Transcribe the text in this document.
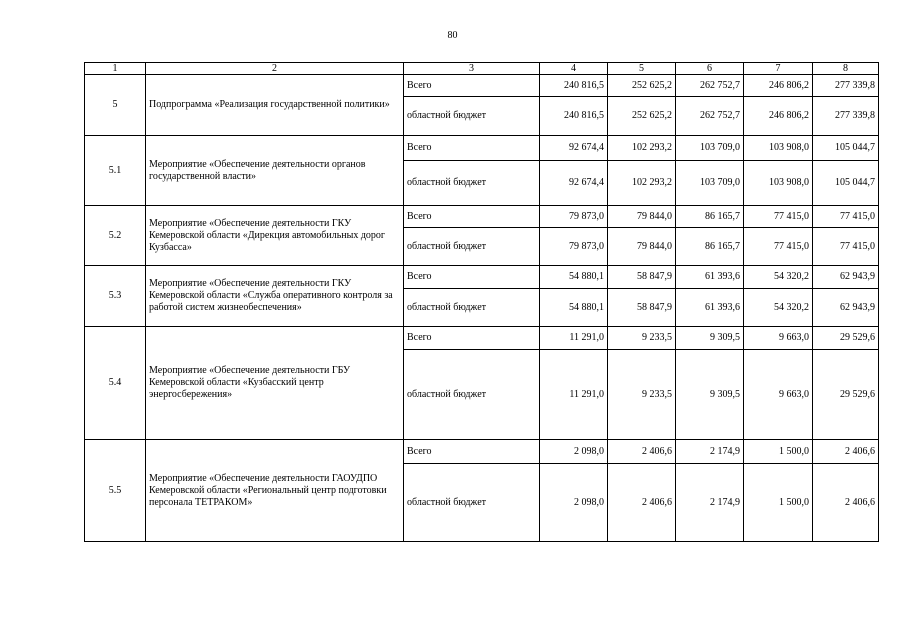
80
1	2	3	4	5	6	7	8
5	Подпрограмма «Реализация государственной политики»	Всего	240 816,5	252 625,2	262 752,7	246 806,2	277 339,8
		областной бюджет	240 816,5	252 625,2	262 752,7	246 806,2	277 339,8
5.1	Мероприятие «Обеспечение деятельности органов государственной власти»	Всего	92 674,4	102 293,2	103 709,0	103 908,0	105 044,7
		областной бюджет	92 674,4	102 293,2	103 709,0	103 908,0	105 044,7
5.2	Мероприятие «Обеспечение деятельности ГКУ Кемеровской области «Дирекция автомобильных дорог Кузбасса»	Всего	79 873,0	79 844,0	86 165,7	77 415,0	77 415,0
		областной бюджет	79 873,0	79 844,0	86 165,7	77 415,0	77 415,0
5.3	Мероприятие «Обеспечение деятельности ГКУ Кемеровской области «Служба оперативного контроля за работой систем жизнеобеспечения»	Всего	54 880,1	58 847,9	61 393,6	54 320,2	62 943,9
		областной бюджет	54 880,1	58 847,9	61 393,6	54 320,2	62 943,9
5.4	Мероприятие «Обеспечение деятельности ГБУ Кемеровской области «Кузбасский центр энергосбережения»	Всего	11 291,0	9 233,5	9 309,5	9 663,0	29 529,6
		областной бюджет	11 291,0	9 233,5	9 309,5	9 663,0	29 529,6
5.5	Мероприятие «Обеспечение деятельности ГАОУДПО Кемеровской области «Региональный центр подготовки персонала ТЕТРАКОМ»	Всего	2 098,0	2 406,6	2 174,9	1 500,0	2 406,6
		областной бюджет	2 098,0	2 406,6	2 174,9	1 500,0	2 406,6
